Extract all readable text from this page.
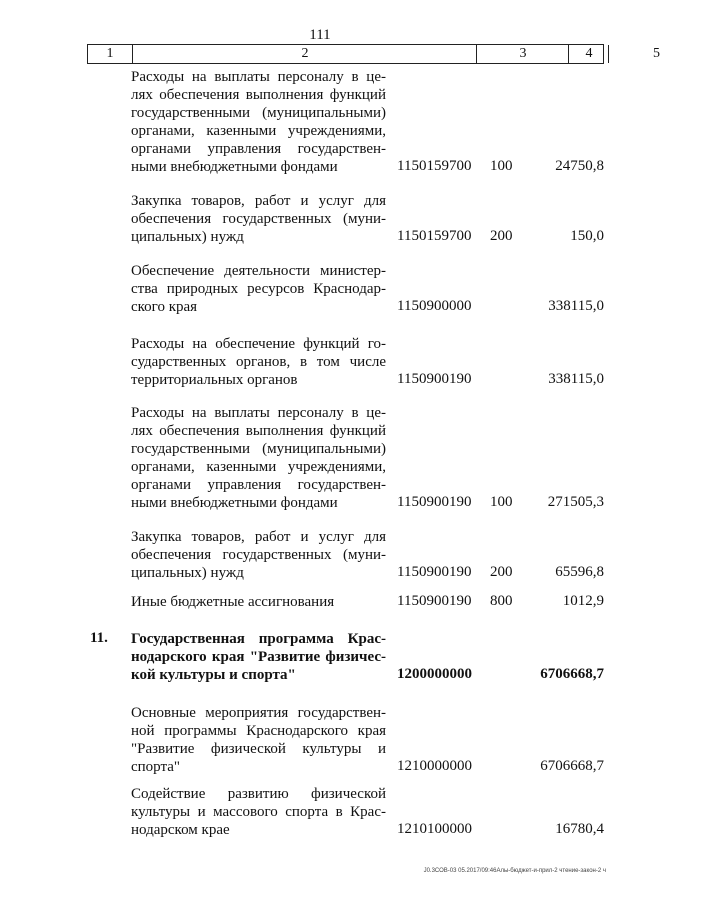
111
1	2	3	4	5
Расходы на выплаты персоналу в це-
лях обеспечения выполнения функций
государственными (муниципальными)
органами, казенными учреждениями,
органами управления государствен-
ными внебюджетными фондами	1150159700 100	24750,8
Закупка товаров, работ и услуг для
обеспечения государственных (муни-
ципальных) нужд	1150159700 200	150,0
Обеспечение деятельности министер-
ства природных ресурсов Краснодар-
ского края	1150900000	338115,0
Расходы на обеспечение функций го-
сударственных органов, в том числе
территориальных органов	1150900190	338115,0
Расходы на выплаты персоналу в це-
лях обеспечения выполнения функций
государственными (муниципальными)
органами, казенными учреждениями,
органами управления государствен-
ными внебюджетными фондами	1150900190 100 271505,3
Закупка товаров, работ и услуг для
обеспечения государственных (муни-
ципальных) нужд	1150900190 200	65596,8
Иные бюджетные ассигнования	1150900190 800	1012,9
11. Государственная программа Крас-
нодарского края "Развитие физичес-
кой культуры и спорта"	1200000000	6706668,7
Основные мероприятия государствен-
ной программы Краснодарского края
"Развитие физической культуры и
спорта"	1210000000	6706668,7
Содействие развитию физической
культуры и массового спорта в Крас-
нодарском крае	1210100000	16780,4
J0.3СОВ-03 05.2017/09:46Алы-бюджет-и-прил-2 чтение-закон-2 ч
